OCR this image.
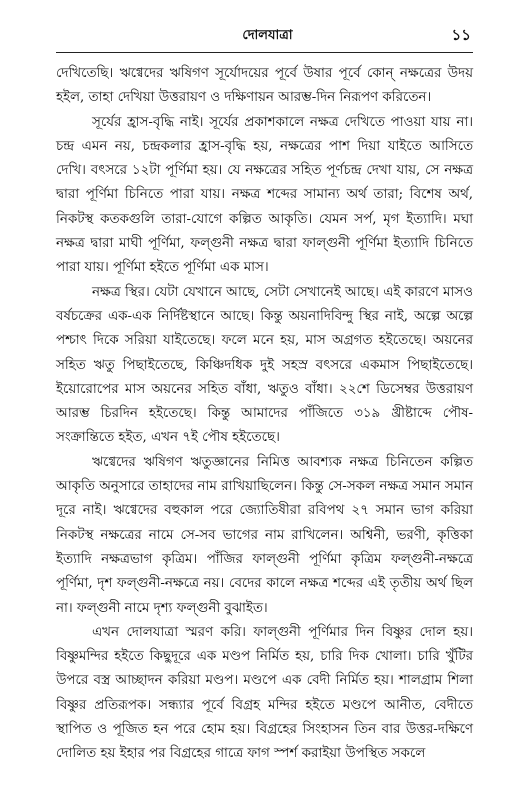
দোলযাত্রা	১১

দেখিতেছি। ঋগ্বেদের ঋষিগণ সূর্যোদয়ের পূর্বে উষার পূর্বে কোন্ নক্ষত্রের উদয় হইল, তাহা দেখিয়া উত্তরায়ণ ও দক্ষিণায়ন আরম্ভ-দিন নিরূপণ করিতেন।

সূর্যের হ্রাস-বৃদ্ধি নাই। সূর্যের প্রকাশকালে নক্ষত্র দেখিতে পাওয়া যায় না। চন্দ্র এমন নয়, চন্দ্রকলার হ্রাস-বৃদ্ধি হয়, নক্ষত্রের পাশ দিয়া যাইতে আসিতে দেখি। বৎসরে ১২টা পূর্ণিমা হয়। যে নক্ষত্রের সহিত পূর্ণচন্দ্র দেখা যায়, সে নক্ষত্র দ্বারা পূর্ণিমা চিনিতে পারা যায়। নক্ষত্র শব্দের সামান্য অর্থ তারা; বিশেষ অর্থ, নিকটস্থ কতকগুলি তারা-যোগে কল্পিত আকৃতি। যেমন সর্প, মৃগ ইত্যাদি। মঘা নক্ষত্র দ্বারা মাঘী পূর্ণিমা, ফল্গুনী নক্ষত্র দ্বারা ফাল্গুনী পূর্ণিমা ইত্যাদি চিনিতে পারা যায়। পূর্ণিমা হইতে পূর্ণিমা এক মাস।

নক্ষত্র স্থির। যেটা যেখানে আছে, সেটা সেখানেই আছে। এই কারণে মাসও বর্ষচক্রের এক-এক নির্দিষ্টস্থানে আছে। কিন্তু অয়নাদিবিন্দু স্থির নাই, অল্পে অল্পে পশ্চাৎ দিকে সরিয়া যাইতেছে। ফলে মনে হয়, মাস অগ্রগত হইতেছে। অয়নের সহিত ঋতু পিছাইতেছে, কিঞ্চিদধিক দুই সহস্র বৎসরে একমাস পিছাইতেছে। ইয়োরোপের মাস অয়নের সহিত বাঁধা, ঋতুও বাঁধা। ২২শে ডিসেম্বর উত্তরায়ণ আরম্ভ চিরদিন হইতেছে। কিন্তু আমাদের পাঁজিতে ৩১৯ খ্রীষ্টাব্দে পৌষ-সংক্রান্তিতে হইত, এখন ৭ই পৌষ হইতেছে।

ঋগ্বেদের ঋষিগণ ঋতুজ্ঞানের নিমিত্ত আবশ্যক নক্ষত্র চিনিতেন কল্পিত আকৃতি অনুসারে তাহাদের নাম রাখিয়াছিলেন। কিন্তু সে-সকল নক্ষত্র সমান সমান দূরে নাই। ঋগ্বেদের বহুকাল পরে জ্যোতিষীরা রবিপথ ২৭ সমান ভাগ করিয়া নিকটস্থ নক্ষত্রের নামে সে-সব ভাগের নাম রাখিলেন। অশ্বিনী, ভরণী, কৃত্তিকা ইত্যাদি নক্ষত্রভাগ কৃত্রিম। পাঁজির ফাল্গুনী পূর্ণিমা কৃত্রিম ফল্গুনী-নক্ষত্রে পূর্ণিমা, দৃশ ফল্গুনী-নক্ষত্রে নয়। বেদের কালে নক্ষত্র শব্দের এই তৃতীয় অর্থ ছিল না। ফল্গুনী নামে দৃশ্য ফল্গুনী বুঝাইত।

এখন দোলযাত্রা স্মরণ করি। ফাল্গুনী পূর্ণিমার দিন বিষ্ণুর দোল হয়। বিষ্ণুমন্দির হইতে কিছুদূরে এক মণ্ডপ নির্মিত হয়, চারি দিক খোলা। চারি খুঁটির উপরে বস্ত্র আচ্ছাদন করিয়া মণ্ডপ। মণ্ডপে এক বেদী নির্মিত হয়। শালগ্রাম শিলা বিষ্ণুর প্রতিরূপক। সন্ধ্যার পূর্বে বিগ্রহ মন্দির হইতে মণ্ডপে আনীত, বেদীতে স্থাপিত ও পূজিত হন পরে হোম হয়। বিগ্রহের সিংহাসন তিন বার উত্তর-দক্ষিণে দোলিত হয় ইহার পর বিগ্রহের গাত্রে ফাগ স্পর্শ করাইয়া উপস্থিত সকলে
